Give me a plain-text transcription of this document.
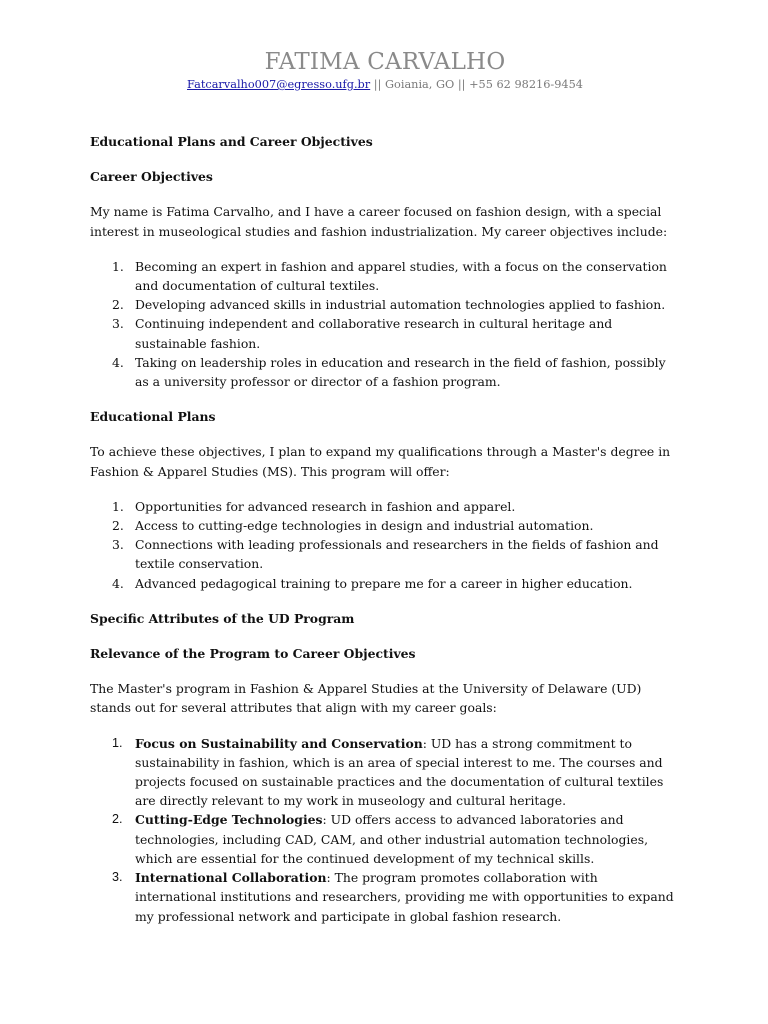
FATIMA CARVALHO
Fatcarvalho007@egresso.ufg.br || Goiania, GO || +55 62 98216-9454
Educational Plans and Career Objectives
Career Objectives

My name is Fatima Carvalho, and I have a career focused on fashion design, with a special interest in museological studies and fashion industrialization. My career objectives include:

1. Becoming an expert in fashion and apparel studies, with a focus on the conservation and documentation of cultural textiles.
2. Developing advanced skills in industrial automation technologies applied to fashion.
3. Continuing independent and collaborative research in cultural heritage and sustainable fashion.
4. Taking on leadership roles in education and research in the field of fashion, possibly as a university professor or director of a fashion program.
Educational Plans

To achieve these objectives, I plan to expand my qualifications through a Master's degree in Fashion & Apparel Studies (MS). This program will offer:

1. Opportunities for advanced research in fashion and apparel.
2. Access to cutting-edge technologies in design and industrial automation.
3. Connections with leading professionals and researchers in the fields of fashion and textile conservation.
4. Advanced pedagogical training to prepare me for a career in higher education.
Specific Attributes of the UD Program
Relevance of the Program to Career Objectives

The Master's program in Fashion & Apparel Studies at the University of Delaware (UD) stands out for several attributes that align with my career goals:

1. Focus on Sustainability and Conservation: UD has a strong commitment to sustainability in fashion, which is an area of special interest to me. The courses and projects focused on sustainable practices and the documentation of cultural textiles are directly relevant to my work in museology and cultural heritage.
2. Cutting-Edge Technologies: UD offers access to advanced laboratories and technologies, including CAD, CAM, and other industrial automation technologies, which are essential for the continued development of my technical skills.
3. International Collaboration: The program promotes collaboration with international institutions and researchers, providing me with opportunities to expand my professional network and participate in global fashion research.
